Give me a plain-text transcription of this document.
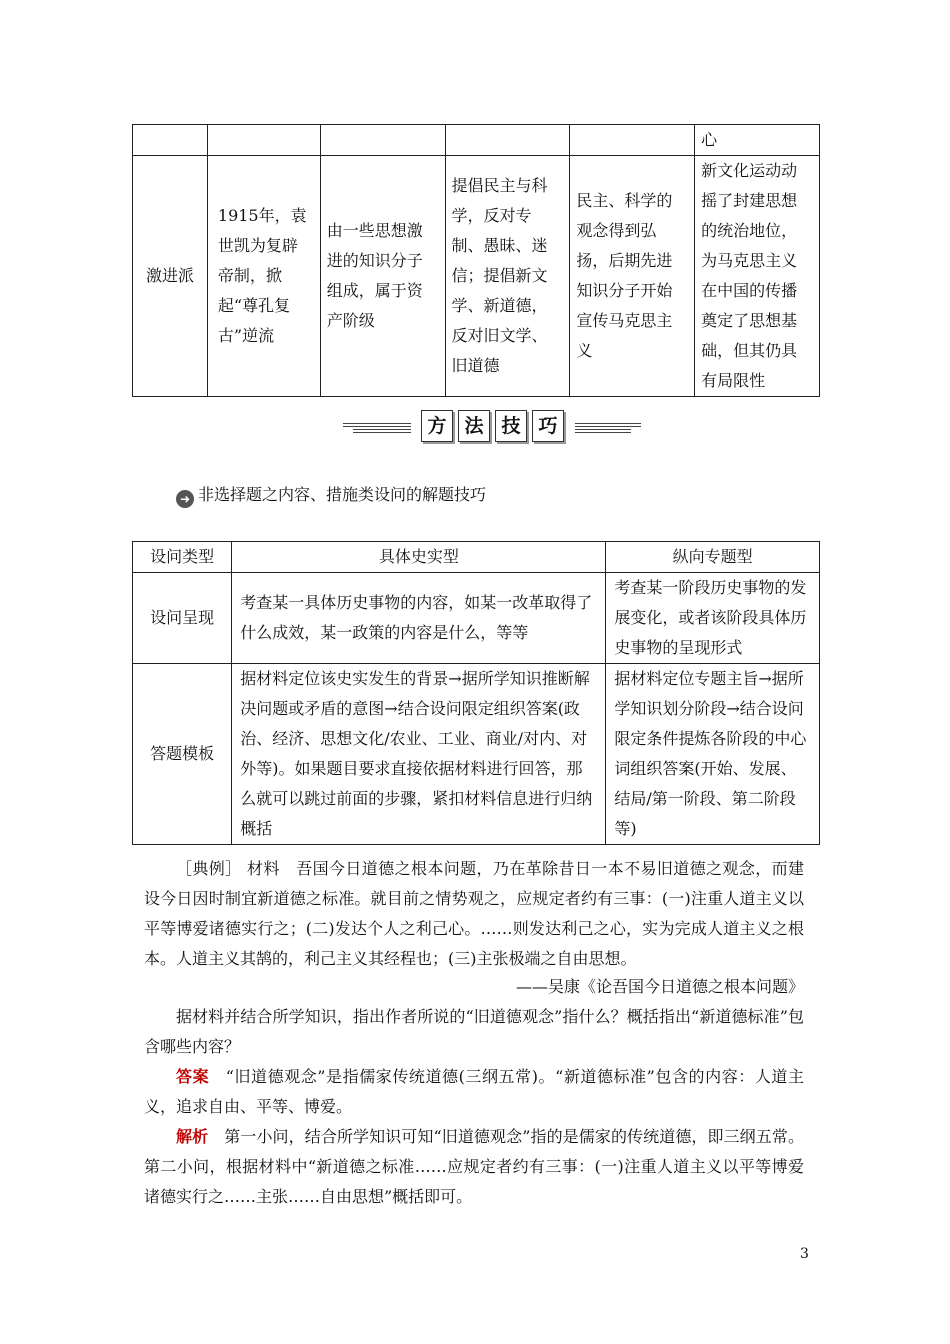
					心
激进派	1915年，袁世凯为复辟帝制，掀起“尊孔复古”逆流	由一些思想激进的知识分子组成，属于资产阶级	提倡民主与科学，反对专制、愚昧、迷信；提倡新文学、新道德，反对旧文学、旧道德	民主、科学的观念得到弘扬，后期先进知识分子开始宣传马克思主义	新文化运动动摇了封建思想的统治地位，为马克思主义在中国的传播奠定了思想基础，但其仍具有局限性
方 法 技 巧
➜ 非选择题之内容、措施类设问的解题技巧
设问类型	具体史实型	纵向专题型
设问呈现	考查某一具体历史事物的内容，如某一改革取得了什么成效，某一政策的内容是什么，等等	考查某一阶段历史事物的发展变化，或者该阶段具体历史事物的呈现形式
答题模板	据材料定位该史实发生的背景→据所学知识推断解决问题或矛盾的意图→结合设问限定组织答案(政治、经济、思想文化/农业、工业、商业/对内、对外等)。如果题目要求直接依据材料进行回答，那么就可以跳过前面的步骤，紧扣材料信息进行归纳概括	据材料定位专题主旨→据所学知识划分阶段→结合设问限定条件提炼各阶段的中心词组织答案(开始、发展、结局/第一阶段、第二阶段等)
［典例］ 材料　吾国今日道德之根本问题，乃在革除昔日一本不易旧道德之观念，而建设今日因时制宜新道德之标准。就目前之情势观之，应规定者约有三事：(一)注重人道主义以平等博爱诸德实行之；(二)发达个人之利己心。……则发达利己之心，实为完成人道主义之根本。人道主义其鹄的，利己主义其经程也；(三)主张极端之自由思想。
——吴康《论吾国今日道德之根本问题》
据材料并结合所学知识，指出作者所说的“旧道德观念”指什么？概括指出“新道德标准”包含哪些内容？
答案　 “旧道德观念”是指儒家传统道德(三纲五常)。“新道德标准”包含的内容：人道主义，追求自由、平等、博爱。
解析　 第一小问，结合所学知识可知“旧道德观念”指的是儒家的传统道德，即三纲五常。第二小问，根据材料中“新道德之标准……应规定者约有三事：(一)注重人道主义以平等博爱诸德实行之……主张……自由思想”概括即可。
3
